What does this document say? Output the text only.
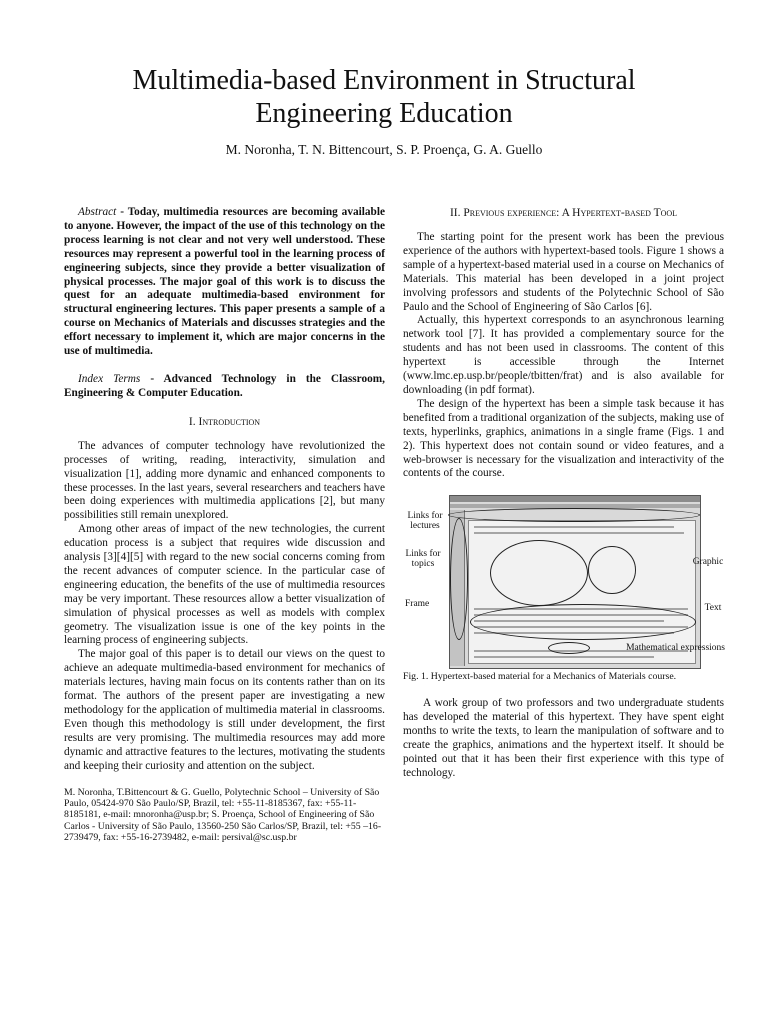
Multimedia-based Environment in Structural
Engineering Education
M. Noronha, T. N. Bittencourt, S. P. Proença, G. A. Guello

Abstract - Today, multimedia resources are becoming available to anyone. However, the impact of the use of this technology on the process learning is not clear and not very well understood. These resources may represent a powerful tool in the learning process of engineering subjects, since they provide a better visualization of physical processes. The major goal of this work is to discuss the quest for an adequate multimedia-based environment for structural engineering lectures. This paper presents a sample of a course on Mechanics of Materials and discusses strategies and the effort necessary to implement it, which are major concerns in the use of multimedia.

Index Terms - Advanced Technology in the Classroom, Engineering & Computer Education.

I. Introduction

The advances of computer technology have revolutionized the processes of writing, reading, interactivity, simulation and visualization [1], adding more dynamic and enhanced components to these processes. In the last years, several researchers and teachers have been doing experiences with multimedia applications [2], but many possibilities still remain unexplored.

Among other areas of impact of the new technologies, the current education process is a subject that requires wide discussion and analysis [3][4][5] with regard to the new social concerns coming from the recent advances of computer science. In the particular case of engineering education, the benefits of the use of multimedia resources may be very important. These resources allow a better visualization of simulation of physical processes as well as models with complex geometry. The visualization issue is one of the key points in the learning process of engineering subjects.

The major goal of this paper is to detail our views on the quest to achieve an adequate multimedia-based environment for mechanics of materials lectures, having main focus on its contents rather than on its format. The authors of the present paper are investigating a new methodology for the application of multimedia material in classrooms. Even though this methodology is still under development, the first results are very promising. The multimedia resources may add more dynamic and attractive features to the lectures, motivating the students and keeping their curiosity and attention on the subject.

M. Noronha, T.Bittencourt & G. Guello, Polytechnic School – University of São Paulo, 05424-970 São Paulo/SP, Brazil, tel: +55-11-8185367, fax: +55-11-8185181, e-mail: mnoronha@usp.br; S. Proença, School of Engineering of São Carlos - University of São Paulo, 13560-250 São Carlos/SP, Brazil, tel: +55 –16-2739479, fax: +55-16-2739482, e-mail: persival@sc.usp.br

II. Previous experience: A Hypertext-based Tool

The starting point for the present work has been the previous experience of the authors with hypertext-based tools. Figure 1 shows a sample of a hypertext-based material used in a course on Mechanics of Materials. This material has been developed in a joint project involving professors and students of the Polytechnic School of São Paulo and the School of Engineering of São Carlos [6].

Actually, this hypertext corresponds to an asynchronous learning network tool [7]. It has provided a complementary source for the students and has not been used in classrooms. The content of this hypertext is accessible through the Internet (www.lmc.ep.usp.br/people/tbitten/frat) and is also available for downloading (in pdf format).

The design of the hypertext has been a simple task because it has benefited from a traditional organization of the subjects, making use of texts, hyperlinks, graphics, animations in a single frame (Figs. 1 and 2). This hypertext does not contain sound or video features, and a web-browser is necessary for the visualization and interactivity of the contents of the course.

Links for lectures
Links for topics
Frame
Graphic
Text
Mathematical expressions

Fig. 1. Hypertext-based material for a Mechanics of Materials course.

A work group of two professors and two undergraduate students has developed the material of this hypertext. They have spent eight months to write the texts, to learn the manipulation of software and to create the graphics, animations and the hypertext itself. It should be pointed out that it has been their first experience with this type of technology.
